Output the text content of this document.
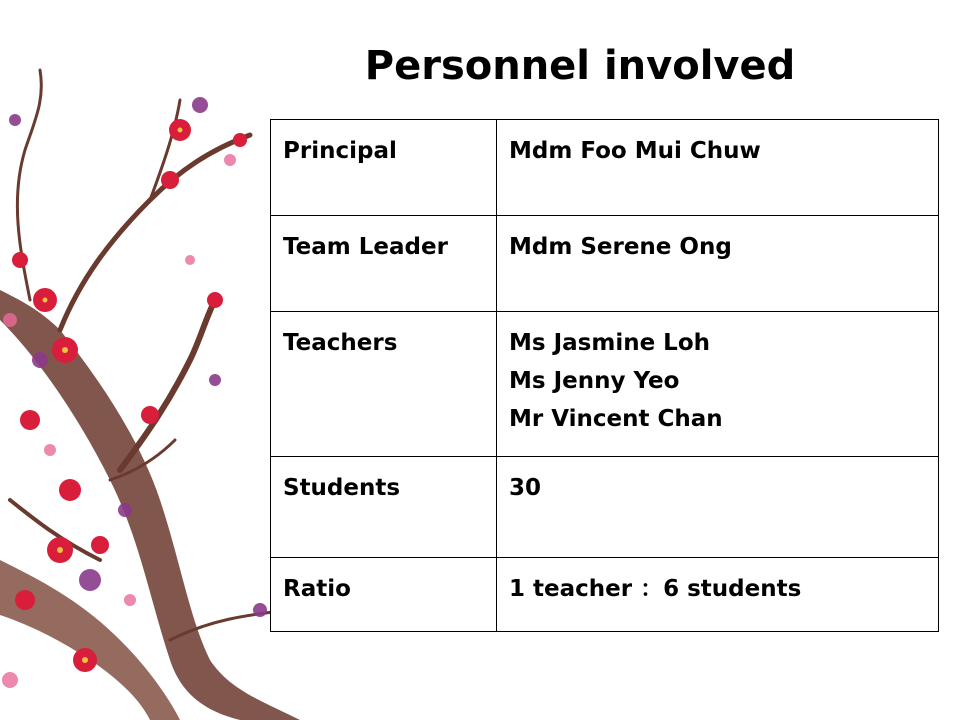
Personnel involved
Principal	Mdm Foo Mui Chuw

Team Leader	Mdm Serene Ong

Teachers	Ms Jasmine Loh
Ms Jenny Yeo
Mr Vincent Chan

Students	30

Ratio	1 teacher ：6 students
